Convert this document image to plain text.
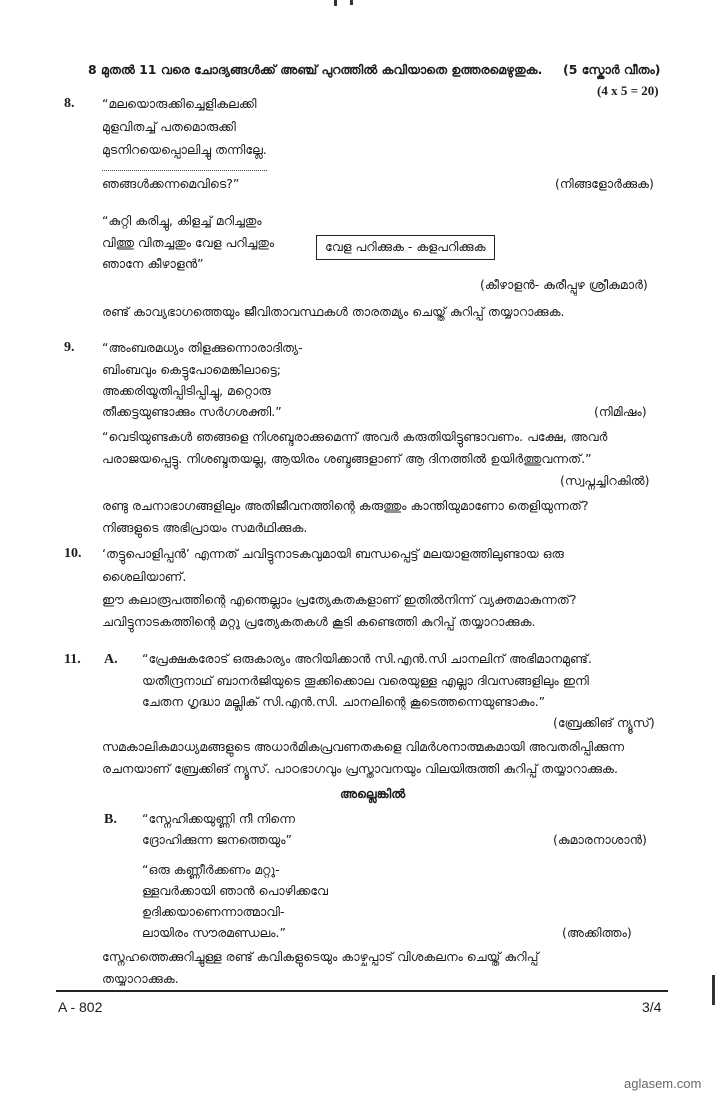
8 മുതൽ 11 വരെ ചോദ്യങ്ങൾക്ക് അഞ്ച് പുറത്തിൽ കവിയാതെ ഉത്തരമെഴുതുക. (5 സ്കോർ വീതം)
(4 x 5 = 20)
8. “മലയൊരുക്കിച്ചെളികലക്കി
മുളവിതച്ച് പതമൊരുക്കി
മുടനിറയെപ്പൊലിച്ചു തന്നില്ലേ.
ഞങ്ങൾക്കന്നമെവിടെ?”	(നിങ്ങളോർക്കുക)
“കുറ്റി കരിച്ചു, കിളച്ച് മറിച്ചതും
വിത്തു വിതച്ചതും വേള പറിച്ചതും
ഞാനേ കീഴാളൻ”
വേള പറിക്കുക - കളപറിക്കുക
(കീഴാളൻ- കുരീപ്പുഴ ശ്രീകുമാർ)
രണ്ട് കാവ്യഭാഗത്തെയും ജീവിതാവസ്ഥകൾ താരതമ്യം ചെയ്ത് കുറിപ്പ് തയ്യാറാക്കുക.
9. “അംബരമധ്യം തിളക്കുന്നൊരാദിത്യ-
ബിംബവും കെട്ടുപോമെങ്കിലാട്ടെ;
അക്കരിയൂതിപ്പിടിപ്പിച്ചു, മറ്റൊരു
തീക്കട്ടയുണ്ടാക്കും സർഗശക്തി.”	(നിമിഷം)
“വെടിയുണ്ടകൾ ഞങ്ങളെ നിശബ്ദരാക്കുമെന്ന് അവർ കരുതിയിട്ടുണ്ടാവണം. പക്ഷേ, അവർ
പരാജയപ്പെട്ടു. നിശബ്ദതയല്ല, ആയിരം ശബ്ദങ്ങളാണ് ആ ദിനത്തിൽ ഉയിർത്തുവന്നത്.”
(സ്വപ്നച്ചിറകിൽ)
രണ്ടു രചനാഭാഗങ്ങളിലും അതിജീവനത്തിന്റെ കരുത്തും കാന്തിയുമാണോ തെളിയുന്നത്?
നിങ്ങളുടെ അഭിപ്രായം സമർഥിക്കുക.
10. ‘തട്ടുപൊളിപ്പൻ’ എന്നത് ചവിട്ടുനാടകവുമായി ബന്ധപ്പെട്ട് മലയാളത്തിലുണ്ടായ ഒരു
ശൈലിയാണ്.
ഈ കലാരൂപത്തിന്റെ എന്തെല്ലാം പ്രത്യേകതകളാണ് ഇതിൽനിന്ന് വ്യക്തമാകുന്നത്?
ചവിട്ടുനാടകത്തിന്റെ മറ്റു പ്രത്യേകതകൾ കൂടി കണ്ടെത്തി കുറിപ്പ് തയ്യാറാക്കുക.
11. A. “പ്രേക്ഷകരോട് ഒരുകാര്യം അറിയിക്കാൻ സി.എൻ.സി ചാനലിന് അഭിമാനമുണ്ട്.
യതീന്ദ്രനാഥ് ബാനർജിയുടെ തൂക്കിക്കൊല വരെയുള്ള എല്ലാ ദിവസങ്ങളിലും ഇനി
ചേതന ഗൃദ്ധാ മല്ലിക് സി.എൻ.സി. ചാനലിന്റെ കൂടെത്തന്നെയുണ്ടാകും.”
(ബ്രേക്കിങ് ന്യൂസ്)
സമകാലികമാധ്യമങ്ങളുടെ അധാർമികപ്രവണതകളെ വിമർശനാത്മകമായി അവതരിപ്പിക്കുന്ന
രചനയാണ് ബ്രേക്കിങ് ന്യൂസ്. പാഠഭാഗവും പ്രസ്താവനയും വിലയിരുത്തി കുറിപ്പ് തയ്യാറാക്കുക.
അല്ലെങ്കിൽ
B. “സ്നേഹിക്കയുണ്ണി നീ നിന്നെ
ദ്രോഹിക്കുന്ന ജനത്തെയും”	(കുമാരനാശാൻ)
“ഒരു കണ്ണീർക്കണം മറ്റു-
ള്ളവർക്കായി ഞാൻ പൊഴിക്കവേ
ഉദിക്കയാണെന്നാത്മാവി-
ലായിരം സൗരമണ്ഡലം.”	(അക്കിത്തം)
സ്നേഹത്തെക്കുറിച്ചുള്ള രണ്ട് കവികളുടെയും കാഴ്ചപ്പാട് വിശകലനം ചെയ്ത് കുറിപ്പ്
തയ്യാറാക്കുക.
A - 802	3/4
aglasem.com
